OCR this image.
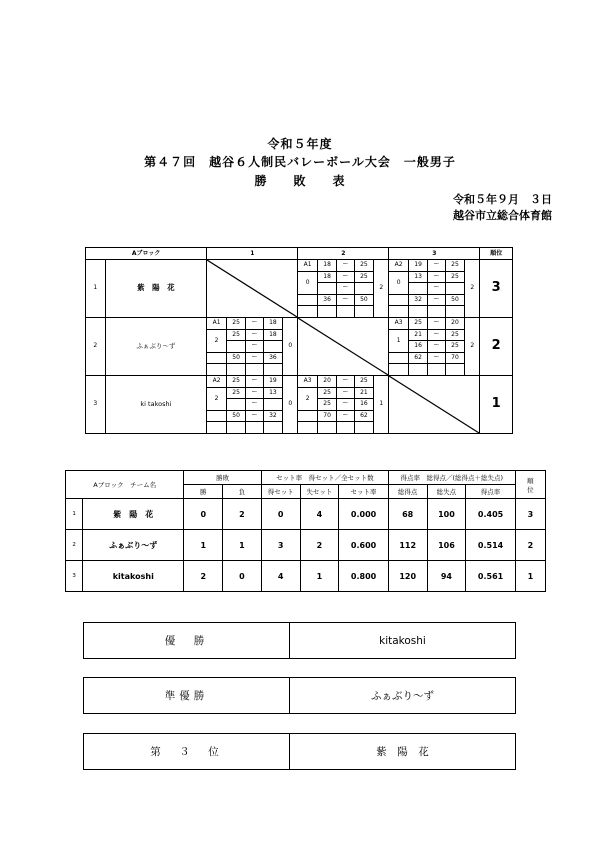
令和５年度
第４７回　越谷６人制民バレーボール大会　一般男子
勝　　敗　　表
令和５年９月　３日
越谷市立総合体育館
Aブロック		1					2					3					順位
1	紫　陽　花						A1	18	ー	25	2	A2	19	ー	25	2	3
							0	18	ー	25		0	13	ー	25		
									ー					ー			
								36	ー	50			32	ー	50		

2	ふぁぶり～ず	A1	25	ー	18	0						A3	25	ー	20	2	2
		2	25	ー	18							1	21	ー	25		
				ー									16	ー	25		
			50	ー	36								62	ー	70		

3	ki takoshi	A2	25	ー	19	0	A3	20	ー	25	1						1
		2	25	ー	13		2	25	ー	21							
				ー				25	ー	16							
			50	ー	32			70	ー	62							

Aブロック　チーム名		勝敗		セット率　得セット／全セット数			得点率　総得点／(総得点＋総失点)			順
位
		勝	負	得セット	失セット	セット率	総得点	総失点	得点率	
1	紫　陽　花	0	2	0	4	0.000	68	100	0.405	3
2	ふぁぶり～ず	1	1	3	2	0.600	112	106	0.514	2
3	kitakoshi	2	0	4	1	0.800	120	94	0.561	1
優　勝	kitakoshi
準優勝	ふぁぶり～ず
第　３　位	紫　陽　花
